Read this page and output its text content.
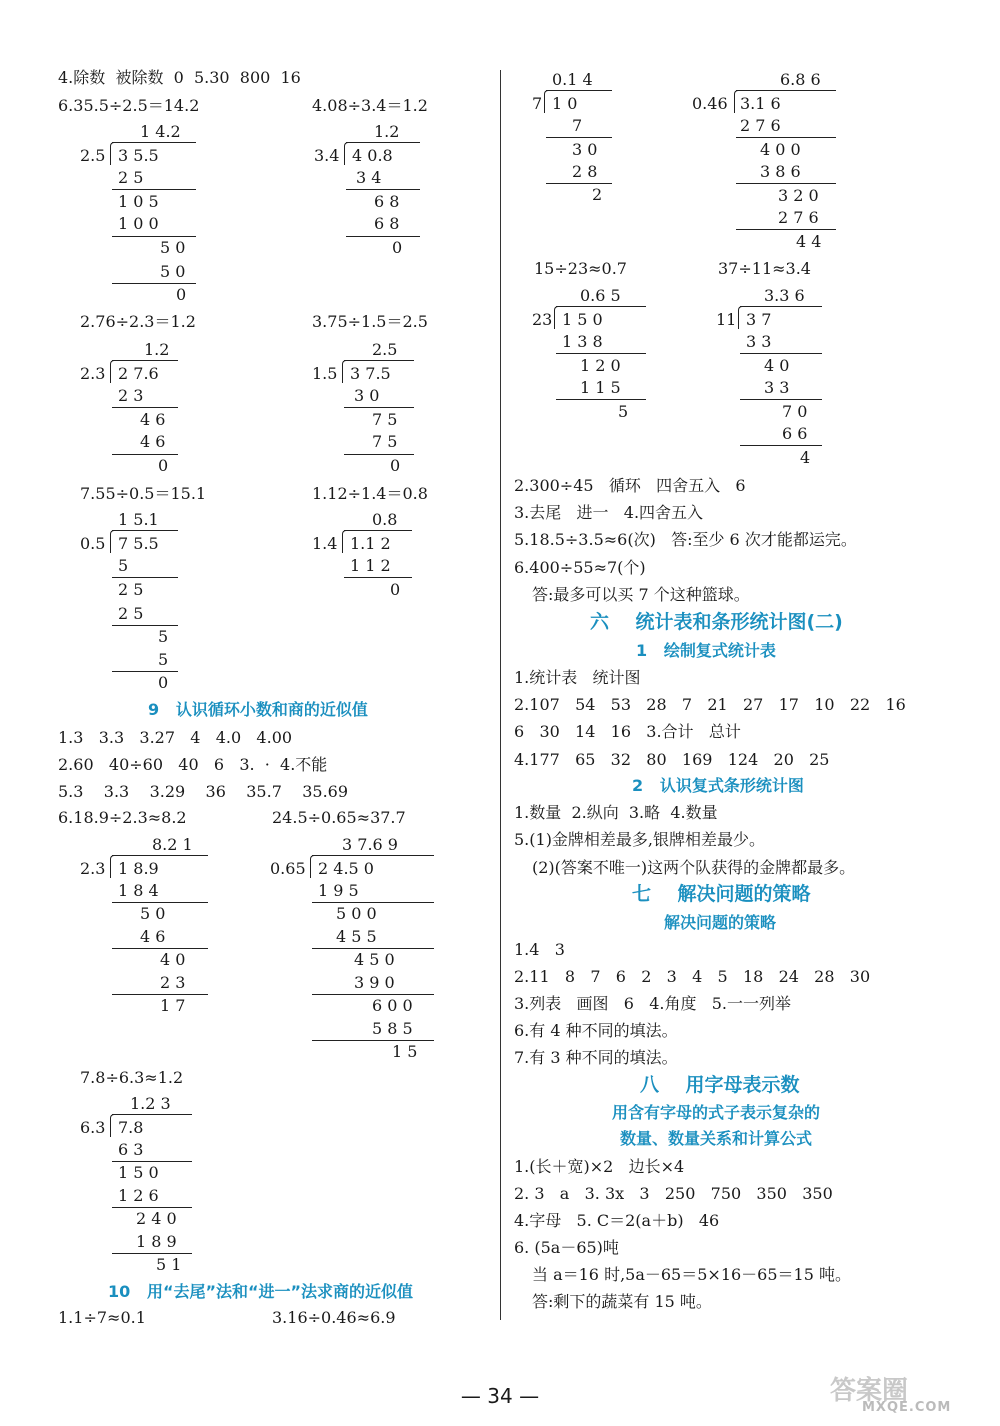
4.除数  被除数  0  5.30  800  16
6.35.5÷2.5＝14.2	4.08÷3.4＝1.2
1 4.2
2.5 3 5.5
2 5
1 0 5
1 0 0
5 0
5 0
0
1.2
3.4 4 0.8
3 4
6 8
6 8
0
2.76÷2.3＝1.2	3.75÷1.5＝2.5
1.2
2.3 2 7.6
2 3
4 6
4 6
0
2.5
1.5 3 7.5
3 0
7 5
7 5
0
7.55÷0.5＝15.1	1.12÷1.4＝0.8
1 5.1
0.5 7 5.5
5
2 5
2 5
5
5
0
0.8
1.4 1.1 2
1 1 2
0
9   认识循环小数和商的近似值
1.3   3.3   3.27   4   4.0   4.00
2.60   40÷60   40   6   3.  ·  4.不能
5.3    3.3    3.29    36    35.7    35.69
6.18.9÷2.3≈8.2	24.5÷0.65≈37.7
8.2 1
2.3 1 8.9
1 8 4
5 0
4 6
4 0
2 3
1 7
3 7.6 9
0.65 2 4.5 0
1 9 5
5 0 0
4 5 5
4 5 0
3 9 0
6 0 0
5 8 5
1 5
7.8÷6.3≈1.2
1.2 3
6.3 7.8
6 3
1 5 0
1 2 6
2 4 0
1 8 9
5 1
10   用“去尾”法和“进一”法求商的近似值
1.1÷7≈0.1	3.16÷0.46≈6.9
0.1 4
7 1 0
7
3 0
2 8
2
6.8 6
0.46 3.1 6
2 7 6
4 0 0
3 8 6
3 2 0
2 7 6
4 4
15÷23≈0.7	37÷11≈3.4
0.6 5
23 1 5 0
1 3 8
1 2 0
1 1 5
5
3.3 6
11 3 7
3 3
4 0
3 3
7 0
6 6
4
2.300÷45   循环   四舍五入   6
3.去尾   进一   4.四舍五入
5.18.5÷3.5≈6(次)   答:至少 6 次才能都运完。
6.400÷55≈7(个)
答:最多可以买 7 个这种篮球。
六    统计表和条形统计图(二)
1   绘制复式统计表
1.统计表   统计图
2.107   54   53   28   7   21   27   17   10   22   16
6   30   14   16   3.合计   总计
4.177   65   32   80   169   124   20   25
2   认识复式条形统计图
1.数量  2.纵向  3.略  4.数量
5.(1)金牌相差最多,银牌相差最少。
(2)(答案不唯一)这两个队获得的金牌都最多。
七    解决问题的策略
解决问题的策略
1.4   3
2.11   8   7   6   2   3   4   5   18   24   28   30
3.列表   画图   6   4.角度   5.一一列举
6.有 4 种不同的填法。
7.有 3 种不同的填法。
八    用字母表示数
用含有字母的式子表示复杂的
数量、数量关系和计算公式
1.(长＋宽)×2   边长×4
2. 3   a   3. 3x   3   250   750   350   350
4.字母   5. C＝2(a＋b)   46
6. (5a－65)吨
当 a＝16 时,5a－65＝5×16－65＝15 吨。
答:剩下的蔬菜有 15 吨。
— 34 —	答案圈
MXQE.COM
